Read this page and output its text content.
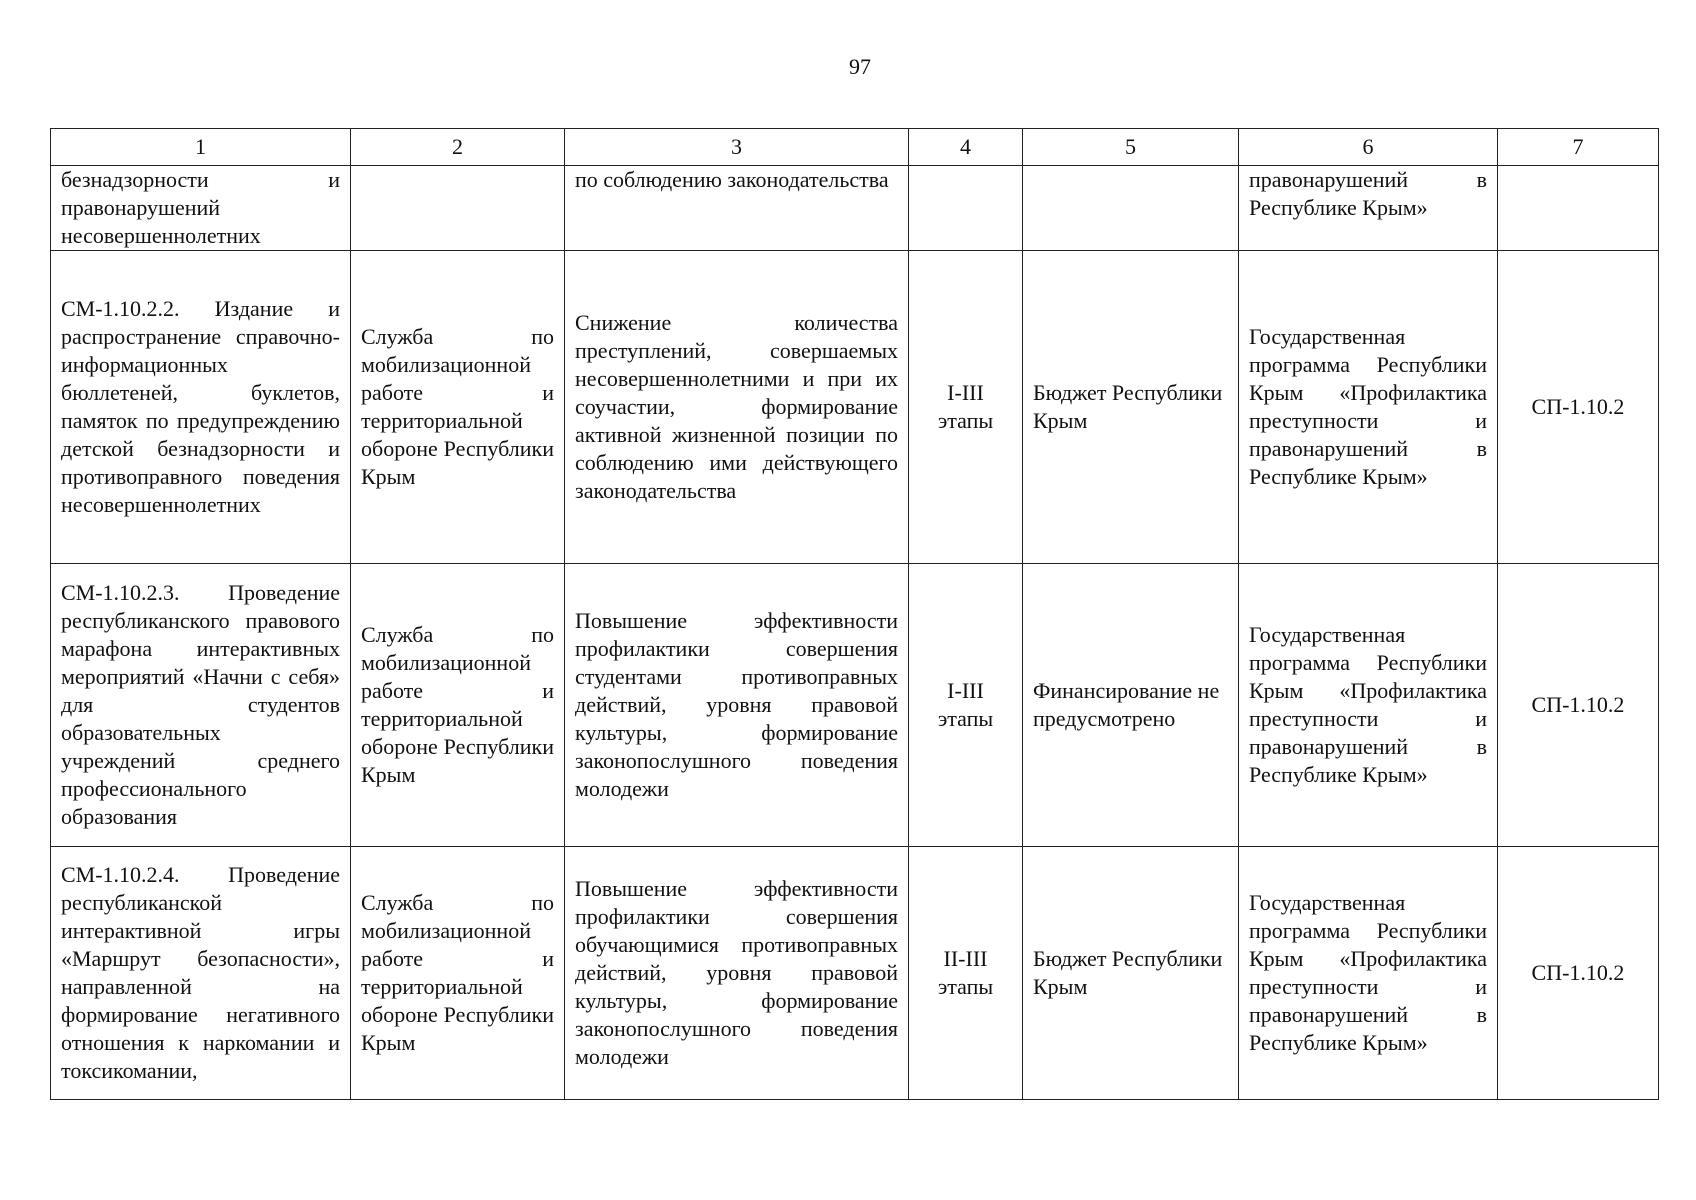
97
1	2	3	4	5	6	7
безнадзорности и правонарушений несовершеннолетних		по соблюдению законодательства			правонарушений в Республике Крым»	
СМ-1.10.2.2. Издание и распространение справочно-информационных бюллетеней, буклетов, памяток по предупреждению детской безнадзорности и противоправного поведения несовершеннолетних	Служба по мобилизационной работе и территориальной обороне Республики Крым	Снижение количества преступлений, совершаемых несовершеннолетними и при их соучастии, формирование активной жизненной позиции по соблюдению ими действующего законодательства	I-III этапы	Бюджет Республики Крым	Государственная программа Республики Крым «Профилактика преступности и правонарушений в Республике Крым»	СП-1.10.2
СМ-1.10.2.3. Проведение республиканского правового марафона интерактивных мероприятий «Начни с себя» для студентов образовательных учреждений среднего профессионального образования	Служба по мобилизационной работе и территориальной обороне Республики Крым	Повышение эффективности профилактики совершения студентами противоправных действий, уровня правовой культуры, формирование законопослушного поведения молодежи	I-III этапы	Финансирование не предусмотрено	Государственная программа Республики Крым «Профилактика преступности и правонарушений в Республике Крым»	СП-1.10.2
СМ-1.10.2.4. Проведение республиканской интерактивной игры «Маршрут безопасности», направленной на формирование негативного отношения к наркомании и токсикомании,	Служба по мобилизационной работе и территориальной обороне Республики Крым	Повышение эффективности профилактики совершения обучающимися противоправных действий, уровня правовой культуры, формирование законопослушного поведения молодежи	II-III этапы	Бюджет Республики Крым	Государственная программа Республики Крым «Профилактика преступности и правонарушений в Республике Крым»	СП-1.10.2
